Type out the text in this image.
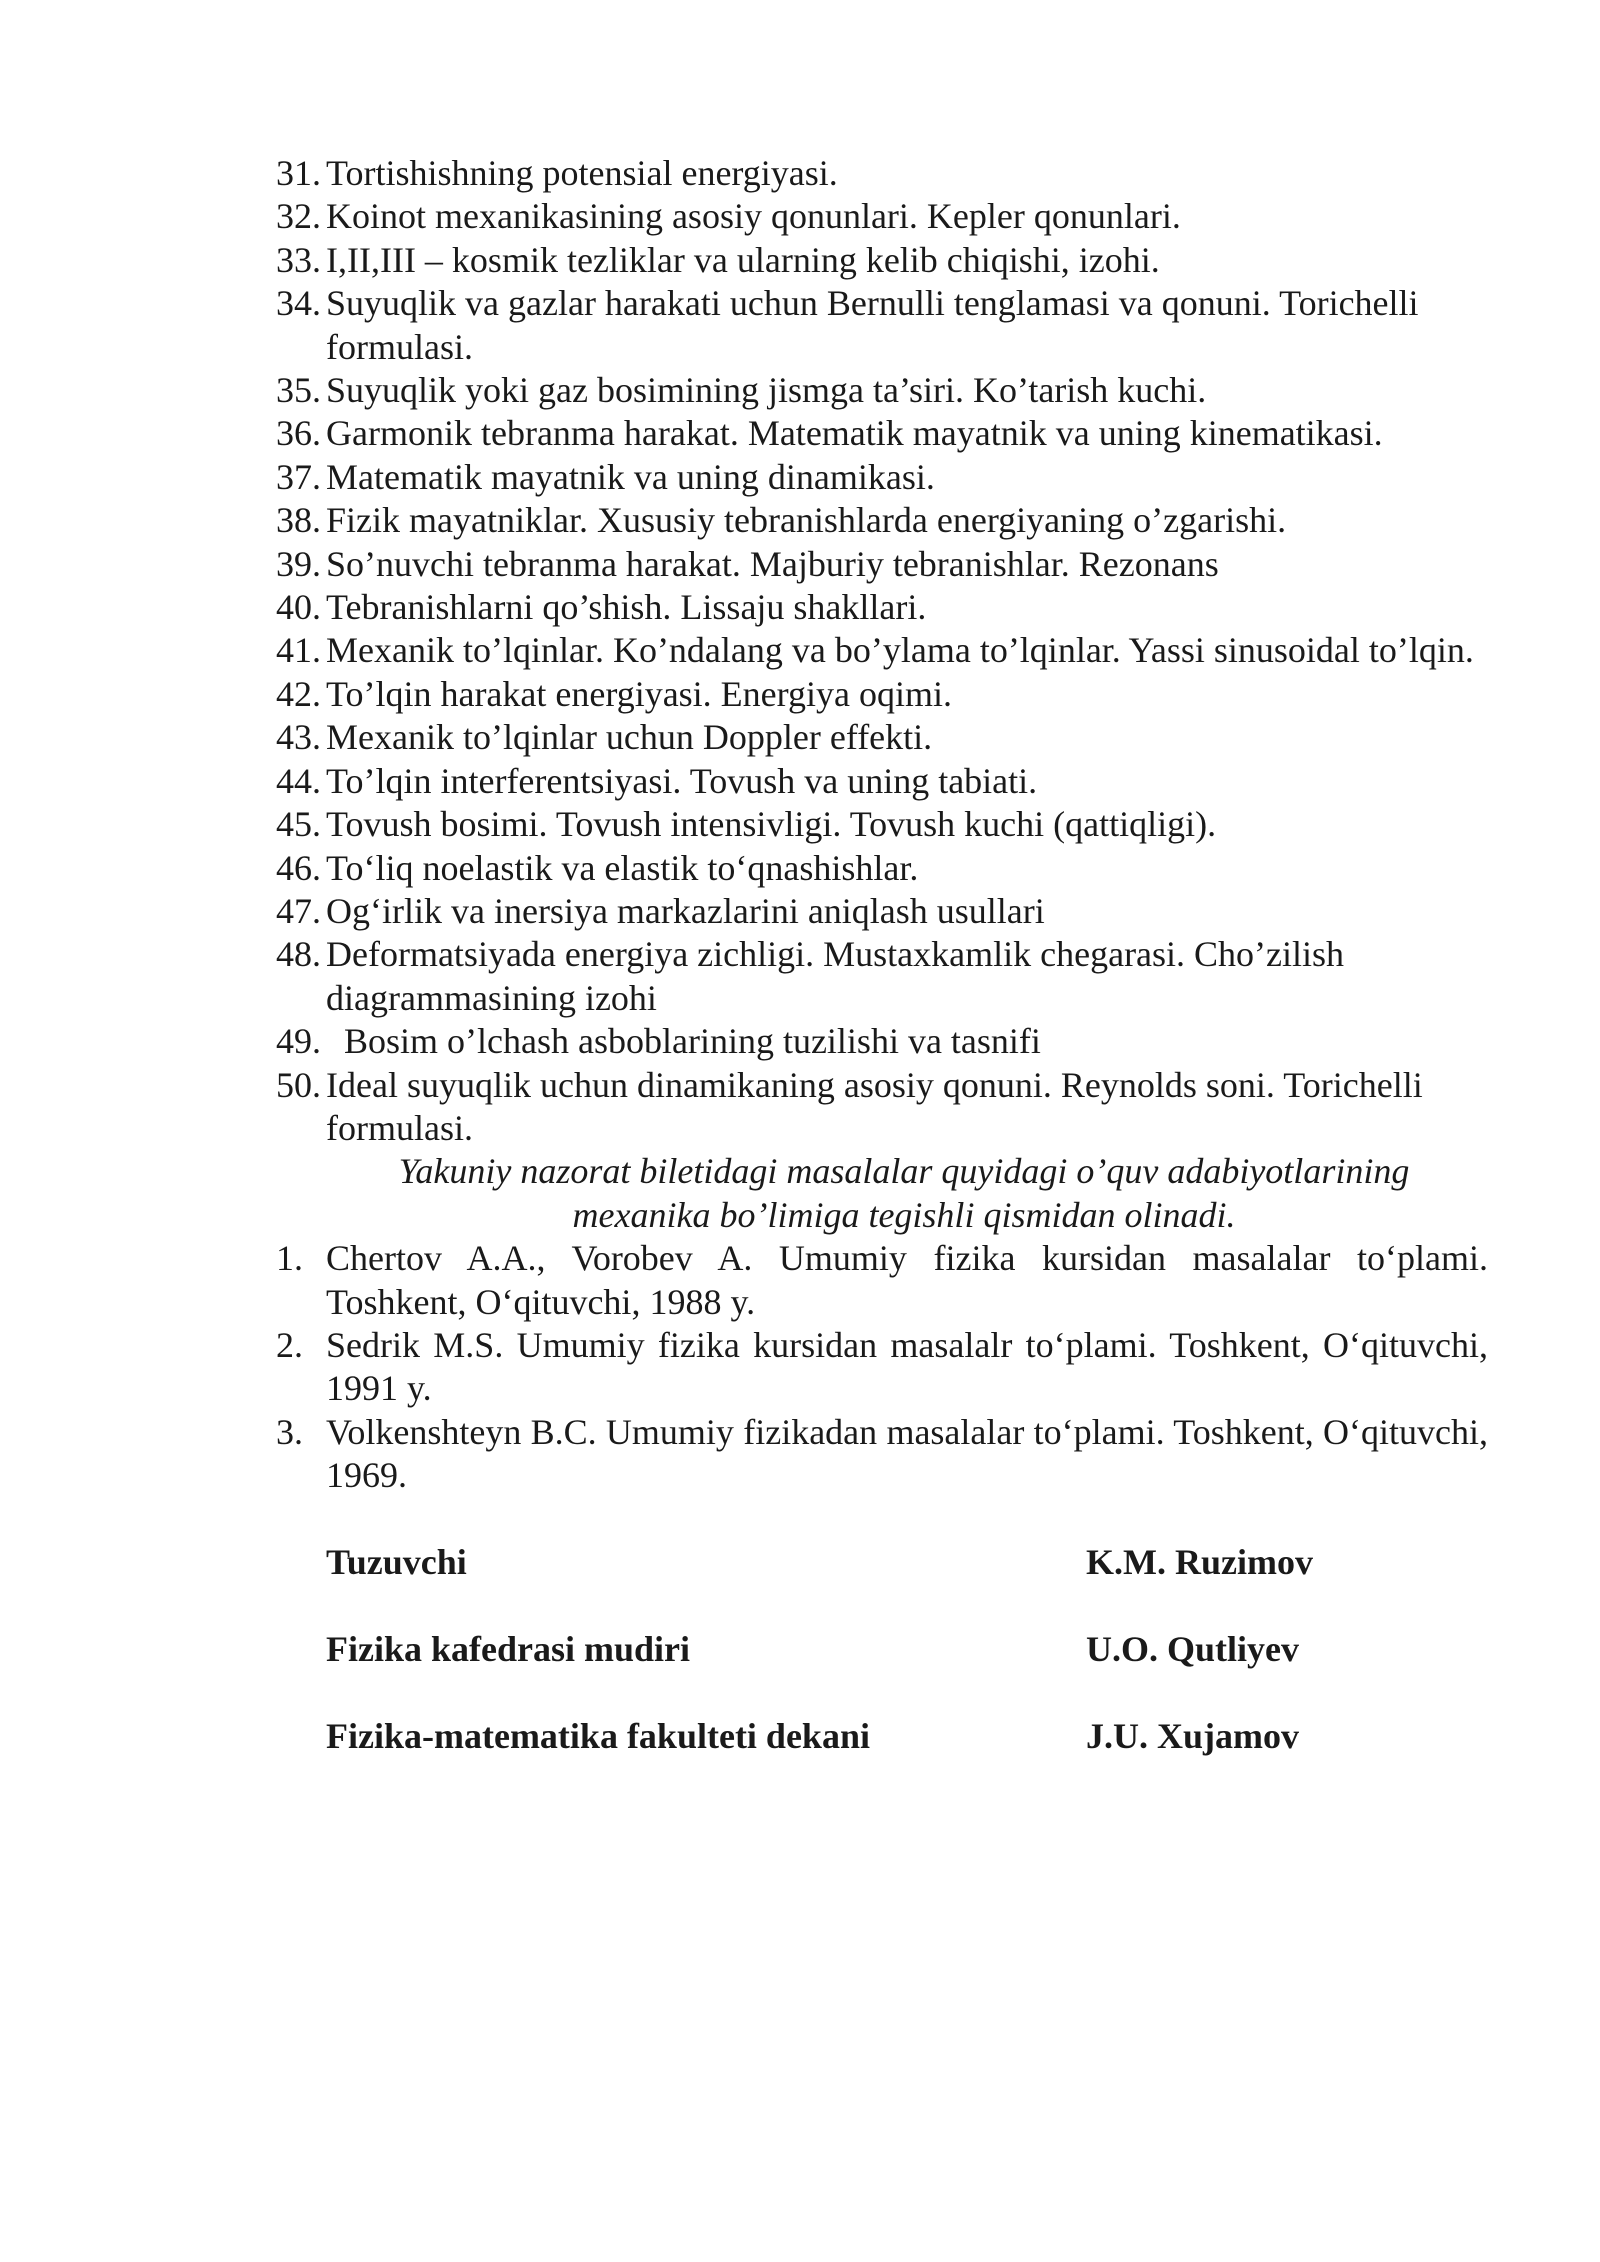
31. Tortishishning potensial energiyasi.
32. Koinot mexanikasining asosiy qonunlari. Kepler qonunlari.
33. I,II,III – kosmik tezliklar va ularning kelib chiqishi, izohi.
34. Suyuqlik va gazlar harakati uchun Bernulli tenglamasi va qonuni. Torichelli formulasi.
35. Suyuqlik yoki gaz bosimining jismga ta’siri. Ko’tarish kuchi.
36. Garmonik tebranma harakat. Matematik mayatnik va uning kinematikasi.
37. Matematik mayatnik va uning dinamikasi.
38. Fizik mayatniklar. Xususiy tebranishlarda energiyaning o’zgarishi.
39. So’nuvchi tebranma harakat. Majburiy tebranishlar. Rezonans
40. Tebranishlarni qo’shish. Lissaju shakllari.
41. Mexanik to’lqinlar. Ko’ndalang va bo’ylama to’lqinlar. Yassi sinusoidal to’lqin.
42. To’lqin harakat energiyasi. Energiya oqimi.
43. Mexanik to’lqinlar uchun Doppler effekti.
44. To’lqin interferentsiyasi. Tovush va uning tabiati.
45. Tovush bosimi. Tovush intensivligi. Tovush kuchi (qattiqligi).
46. To‘liq noelastik va elastik to‘qnashishlar.
47. Og‘irlik va inersiya markazlarini aniqlash usullari
48. Deformatsiyada energiya zichligi. Mustaxkamlik chegarasi. Cho’zilish diagrammasining izohi
49. Bosim o’lchash asboblarining tuzilishi va tasnifi
50. Ideal suyuqlik uchun dinamikaning asosiy qonuni. Reynolds soni. Torichelli formulasi.
Yakuniy nazorat biletidagi masalalar quyidagi o’quv adabiyotlarining
mexanika bo’limiga tegishli qismidan olinadi.
1. Chertov A.A., Vorobev A. Umumiy fizika kursidan masalalar to‘plami. Toshkent, O‘qituvchi, 1988 y.
2. Sedrik M.S. Umumiy fizika kursidan masalalr to‘plami. Toshkent, O‘qituvchi, 1991 y.
3. Volkenshteyn B.C. Umumiy fizikadan masalalar to‘plami. Toshkent, O‘qituvchi, 1969.
Tuzuvchi	K.M. Ruzimov
Fizika kafedrasi mudiri	U.O. Qutliyev
Fizika-matematika fakulteti dekani	J.U. Xujamov
